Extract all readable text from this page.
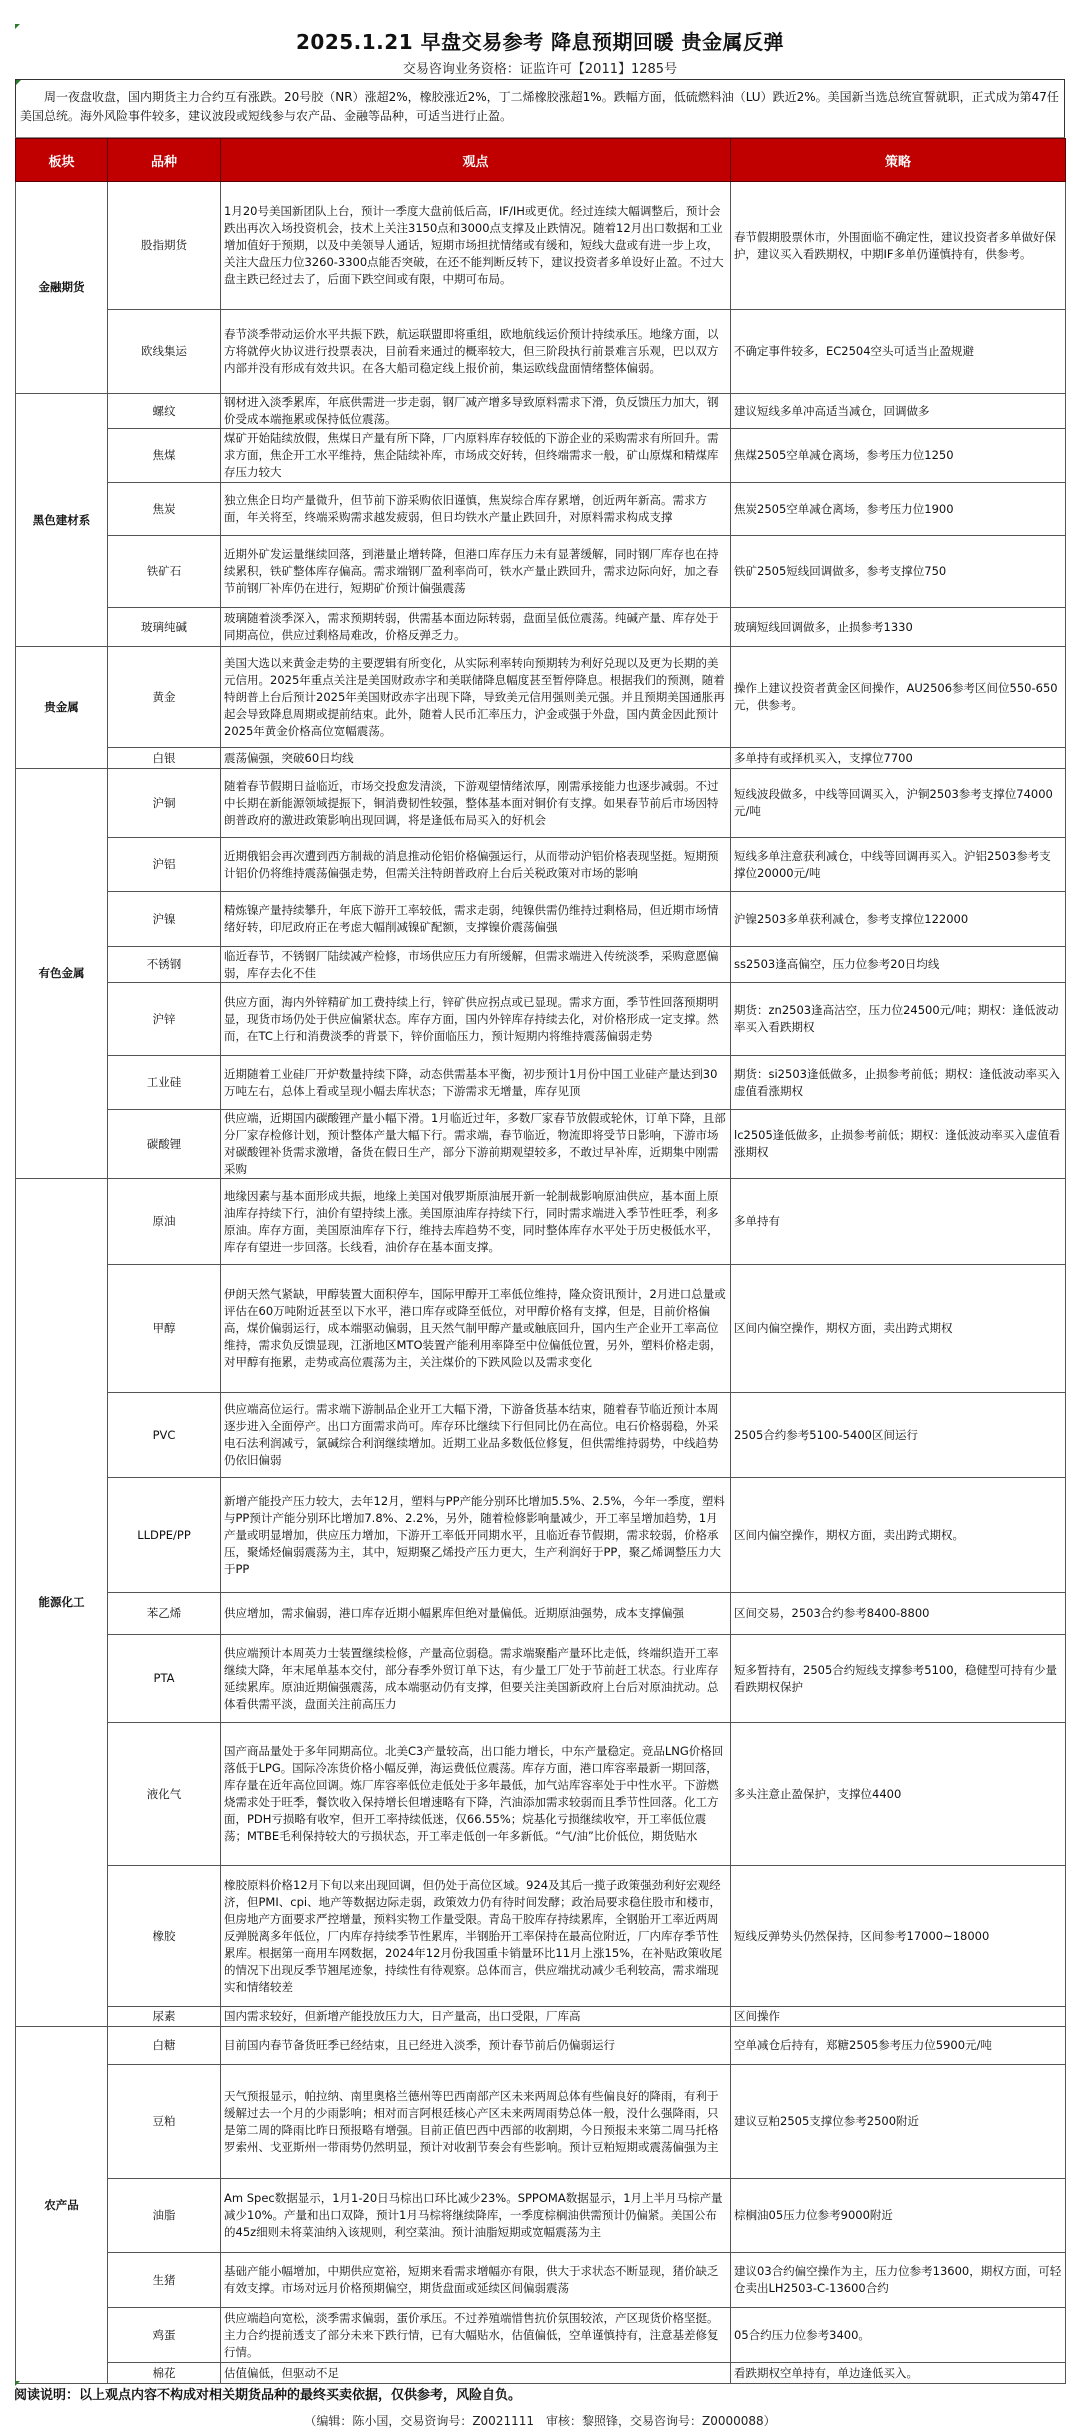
2025.1.21 早盘交易参考 降息预期回暖 贵金属反弹
交易咨询业务资格：证监许可【2011】1285号
周一夜盘收盘，国内期货主力合约互有涨跌。20号胶（NR）涨超2%，橡胶涨近2%，丁二烯橡胶涨超1%。跌幅方面，低硫燃料油（LU）跌近2%。美国新当选总统宣誓就职，正式成为第47任美国总统。海外风险事件较多，建议波段或短线参与农产品、金融等品种，可适当进行止盈。
板块	品种	观点	策略
金融期货	股指期货	1月20号美国新团队上台，预计一季度大盘前低后高，IF/IH或更优。经过连续大幅调整后，预计会跌出再次入场投资机会，技术上关注3150点和3000点支撑及止跌情况。随着12月出口数据和工业增加值好于预期，以及中美领导人通话，短期市场担扰情绪或有缓和，短线大盘或有进一步上攻，关注大盘压力位3260-3300点能否突破，在还不能判断反转下，建议投资者多单设好止盈。不过大盘主跌已经过去了，后面下跌空间或有限，中期可布局。	春节假期股票休市，外围面临不确定性，建议投资者多单做好保护，建议买入看跌期权，中期IF多单仍谨慎持有，供参考。
	欧线集运	春节淡季带动运价水平共振下跌，航运联盟即将重组，欧地航线运价预计持续承压。地缘方面，以方将就停火协议进行投票表决，目前看来通过的概率较大，但三阶段执行前景难言乐观，巴以双方内部并没有形成有效共识。在各大船司稳定线上报价前，集运欧线盘面情绪整体偏弱。	不确定事件较多，EC2504空头可适当止盈规避
黑色建材系	螺纹	钢材进入淡季累库，年底供需进一步走弱，钢厂减产增多导致原料需求下滑，负反馈压力加大，钢价受成本端拖累或保持低位震荡。	建议短线多单冲高适当减仓，回调做多
	焦煤	煤矿开始陆续放假，焦煤日产量有所下降，厂内原料库存较低的下游企业的采购需求有所回升。需求方面，焦企开工水平维持，焦企陆续补库，市场成交好转，但终端需求一般，矿山原煤和精煤库存压力较大	焦煤2505空单减仓离场，参考压力位1250
	焦炭	独立焦企日均产量微升，但节前下游采购依旧谨慎，焦炭综合库存累增，创近两年新高。需求方面，年关将至，终端采购需求越发疲弱，但日均铁水产量止跌回升，对原料需求构成支撑	焦炭2505空单减仓离场，参考压力位1900
	铁矿石	近期外矿发运量继续回落，到港量止增转降，但港口库存压力未有显著缓解，同时钢厂库存也在持续累积，铁矿整体库存偏高。需求端钢厂盈利率尚可，铁水产量止跌回升，需求边际向好，加之春节前钢厂补库仍在进行，短期矿价预计偏强震荡	铁矿2505短线回调做多，参考支撑位750
	玻璃纯碱	玻璃随着淡季深入，需求预期转弱，供需基本面边际转弱，盘面呈低位震荡。纯碱产量、库存处于同期高位，供应过剩格局难改，价格反弹乏力。	玻璃短线回调做多，止损参考1330
贵金属	黄金	美国大选以来黄金走势的主要逻辑有所变化，从实际利率转向预期转为利好兑现以及更为长期的美元信用。2025年重点关注是美国财政赤字和美联储降息幅度甚至暂停降息。根据我们的预测，随着特朗普上台后预计2025年美国财政赤字出现下降，导致美元信用强则美元强。并且预期美国通胀再起会导致降息周期或提前结束。此外，随着人民币汇率压力，沪金或强于外盘，国内黄金因此预计2025年黄金价格高位宽幅震荡。	操作上建议投资者黄金区间操作，AU2506参考区间位550-650元，供参考。
	白银	震荡偏强，突破60日均线	多单持有或择机买入，支撑位7700
有色金属	沪铜	随着春节假期日益临近，市场交投愈发清淡，下游观望情绪浓厚，刚需承接能力也逐步减弱。不过中长期在新能源领域提振下，铜消费韧性较强，整体基本面对铜价有支撑。如果春节前后市场因特朗普政府的激进政策影响出现回调，将是逢低布局买入的好机会	短线波段做多，中线等回调买入，沪铜2503参考支撑位74000元/吨
	沪铝	近期俄铝会再次遭到西方制裁的消息推动伦铝价格偏强运行，从而带动沪铝价格表现坚挺。短期预计铝价仍将维持震荡偏强走势，但需关注特朗普政府上台后关税政策对市场的影响	短线多单注意获利减仓，中线等回调再买入。沪铝2503参考支撑位20000元/吨
	沪镍	精炼镍产量持续攀升，年底下游开工率较低，需求走弱，纯镍供需仍维持过剩格局，但近期市场情绪好转，印尼政府正在考虑大幅削减镍矿配额，支撑镍价震荡偏强	沪镍2503多单获利减仓，参考支撑位122000
	不锈钢	临近春节，不锈钢厂陆续减产检修，市场供应压力有所缓解，但需求端进入传统淡季，采购意愿偏弱，库存去化不佳	ss2503逢高偏空，压力位参考20日均线
	沪锌	供应方面，海内外锌精矿加工费持续上行，锌矿供应拐点或已显现。需求方面，季节性回落预期明显，现货市场仍处于供应偏紧状态。库存方面，国内外锌库存持续去化，对价格形成一定支撑。然而，在TC上行和消费淡季的背景下，锌价面临压力，预计短期内将维持震荡偏弱走势	期货：zn2503逢高沽空，压力位24500元/吨；期权：逢低波动率买入看跌期权
	工业硅	近期随着工业硅厂开炉数量持续下降，动态供需基本平衡，初步预计1月份中国工业硅产量达到30万吨左右，总体上看或呈现小幅去库状态；下游需求无增量，库存见顶	期货：si2503逢低做多，止损参考前低；期权：逢低波动率买入虚值看涨期权
	碳酸锂	供应端，近期国内碳酸锂产量小幅下滑。1月临近过年，多数厂家春节放假或轮休，订单下降，且部分厂家存检修计划，预计整体产量大幅下行。需求端，春节临近，物流即将受节日影响，下游市场对碳酸锂补货需求激增，备货在假日生产，部分下游前期观望较多，不敢过早补库，近期集中刚需采购	lc2505逢低做多，止损参考前低；期权：逢低波动率买入虚值看涨期权
能源化工	原油	地缘因素与基本面形成共振，地缘上美国对俄罗斯原油展开新一轮制裁影响原油供应，基本面上原油库存持续下行，油价有望持续上涨。美国原油库存持续下行，同时需求端进入季节性旺季，利多原油。库存方面，美国原油库存下行，维持去库趋势不变，同时整体库存水平处于历史极低水平，库存有望进一步回落。长线看，油价存在基本面支撑。	多单持有
	甲醇	伊朗天然气紧缺，甲醇装置大面积停车，国际甲醇开工率低位维持，隆众资讯预计，2月进口总量或评估在60万吨附近甚至以下水平，港口库存或降至低位，对甲醇价格有支撑，但是，目前价格偏高，煤价偏弱运行，成本端驱动偏弱，且天然气制甲醇产量或触底回升，国内生产企业开工率高位维持，需求负反馈显现，江浙地区MTO装置产能利用率降至中位偏低位置，另外，塑料价格走弱，对甲醇有拖累，走势或高位震荡为主，关注煤价的下跌风险以及需求变化	区间内偏空操作，期权方面，卖出跨式期权
	PVC	供应端高位运行。需求端下游制品企业开工大幅下滑，下游备货基本结束，随着春节临近预计本周逐步进入全面停产。出口方面需求尚可。库存环比继续下行但同比仍在高位。电石价格弱稳，外采电石法利润减亏，氯碱综合利润继续增加。近期工业品多数低位修复，但供需维持弱势，中线趋势仍依旧偏弱	2505合约参考5100-5400区间运行
	LLDPE/PP	新增产能投产压力较大，去年12月，塑料与PP产能分别环比增加5.5%、2.5%，今年一季度，塑料与PP预计产能分别环比增加7.8%、2.2%，另外，随着检修影响量减少，开工率呈增加趋势，1月产量或明显增加，供应压力增加，下游开工率低开同期水平，且临近春节假期，需求较弱，价格承压，聚烯烃偏弱震荡为主，其中，短期聚乙烯投产压力更大，生产利润好于PP，聚乙烯调整压力大于PP	区间内偏空操作，期权方面，卖出跨式期权。
	苯乙烯	供应增加，需求偏弱，港口库存近期小幅累库但绝对量偏低。近期原油强势，成本支撑偏强	区间交易，2503合约参考8400-8800
	PTA	供应端预计本周英力士装置继续检修，产量高位弱稳。需求端聚酯产量环比走低，终端织造开工率继续大降，年末尾单基本交付，部分春季外贸订单下达，有少量工厂处于节前赶工状态。行业库存延续累库。原油近期偏强震荡，成本端驱动仍有支撑，但要关注美国新政府上台后对原油扰动。总体看供需平淡，盘面关注前高压力	短多暂持有，2505合约短线支撑参考5100，稳健型可持有少量看跌期权保护
	液化气	国产商品量处于多年同期高位。北美C3产量较高，出口能力增长，中东产量稳定。竞品LNG价格回落低于LPG。国际冷冻货价格小幅反弹，海运费低位震荡。库存方面，港口库容率最新一期回落，库存量在近年高位回调。炼厂库容率低位走低处于多年最低，加气站库容率处于中性水平。下游燃烧需求处于旺季，餐饮收入保持增长但增速略有下降，汽油添加需求较弱而且季节性回落。化工方面，PDH亏损略有收窄，但开工率持续低迷，仅66.55%；烷基化亏损继续收窄，开工率低位震荡；MTBE毛利保持较大的亏损状态，开工率走低创一年多新低。“气/油”比价低位，期货贴水	多头注意止盈保护，支撑位4400
	橡胶	橡胶原料价格12月下旬以来出现回调，但仍处于高位区域。924及其后一揽子政策强劲利好宏观经济，但PMI、cpi、地产等数据边际走弱，政策效力仍有待时间发酵；政治局要求稳住股市和楼市，但房地产方面要求严控增量，预料实物工作量受限。青岛干胶库存持续累库，全钢胎开工率近两周反弹脱离多年低位，厂内库存持续季节性累库，半钢胎开工率保持在最高位附近，厂内库存季节性累库。根据第一商用车网数据，2024年12月份我国重卡销量环比11月上涨15%，在补贴政策收尾的情况下出现反季节翘尾迹象，持续性有待观察。总体而言，供应端扰动减少毛利较高，需求端现实和情绪较差	短线反弹势头仍然保持，区间参考17000~18000
	尿素	国内需求较好，但新增产能投放压力大，日产量高，出口受限，厂库高	区间操作
农产品	白糖	目前国内春节备货旺季已经结束，且已经进入淡季，预计春节前后仍偏弱运行	空单减仓后持有，郑糖2505参考压力位5900元/吨
	豆粕	天气预报显示，帕拉纳、南里奥格兰德州等巴西南部产区未来两周总体有些偏良好的降雨，有利于缓解过去一个月的少雨影响；相对而言阿根廷核心产区未来两周雨势总体一般，没什么强降雨，只是第二周的降雨比昨日预报略有增强。目前正值巴西中西部的收割期，今日预报未来第二周马托格罗索州、戈亚斯州一带雨势仍然明显，预计对收割节奏会有些影响。预计豆粕短期或震荡偏强为主	建议豆粕2505支撑位参考2500附近
	油脂	Am Spec数据显示，1月1-20日马棕出口环比减少23%。SPPOMA数据显示，1月上半月马棕产量减少10%。产量和出口双降，预计1月马棕将继续降库，一季度棕榈油供需预计仍偏紧。美国公布的45z细则未将菜油纳入该规则，利空菜油。预计油脂短期或宽幅震荡为主	棕榈油05压力位参考9000附近
	生猪	基础产能小幅增加，中期供应宽裕，短期来看需求增幅亦有限，供大于求状态不断显现，猪价缺乏有效支撑。市场对远月价格预期偏空，期货盘面或延续区间偏弱震荡	建议03合约偏空操作为主，压力位参考13600，期权方面，可轻仓卖出LH2503-C-13600合约
	鸡蛋	供应端趋向宽松，淡季需求偏弱，蛋价承压。不过养殖端惜售抗价氛围较浓，产区现货价格坚挺。主力合约提前透支了部分未来下跌行情，已有大幅贴水，估值偏低，空单谨慎持有，注意基差修复行情。	05合约压力位参考3400。
	棉花	估值偏低，但驱动不足	看跌期权空单持有，单边逢低买入。
阅读说明：以上观点内容不构成对相关期货品种的最终买卖依据，仅供参考，风险自负。
（编辑：陈小国，交易资询号：Z0021111　审核：黎照锋，交易咨询号：Z0000088）
